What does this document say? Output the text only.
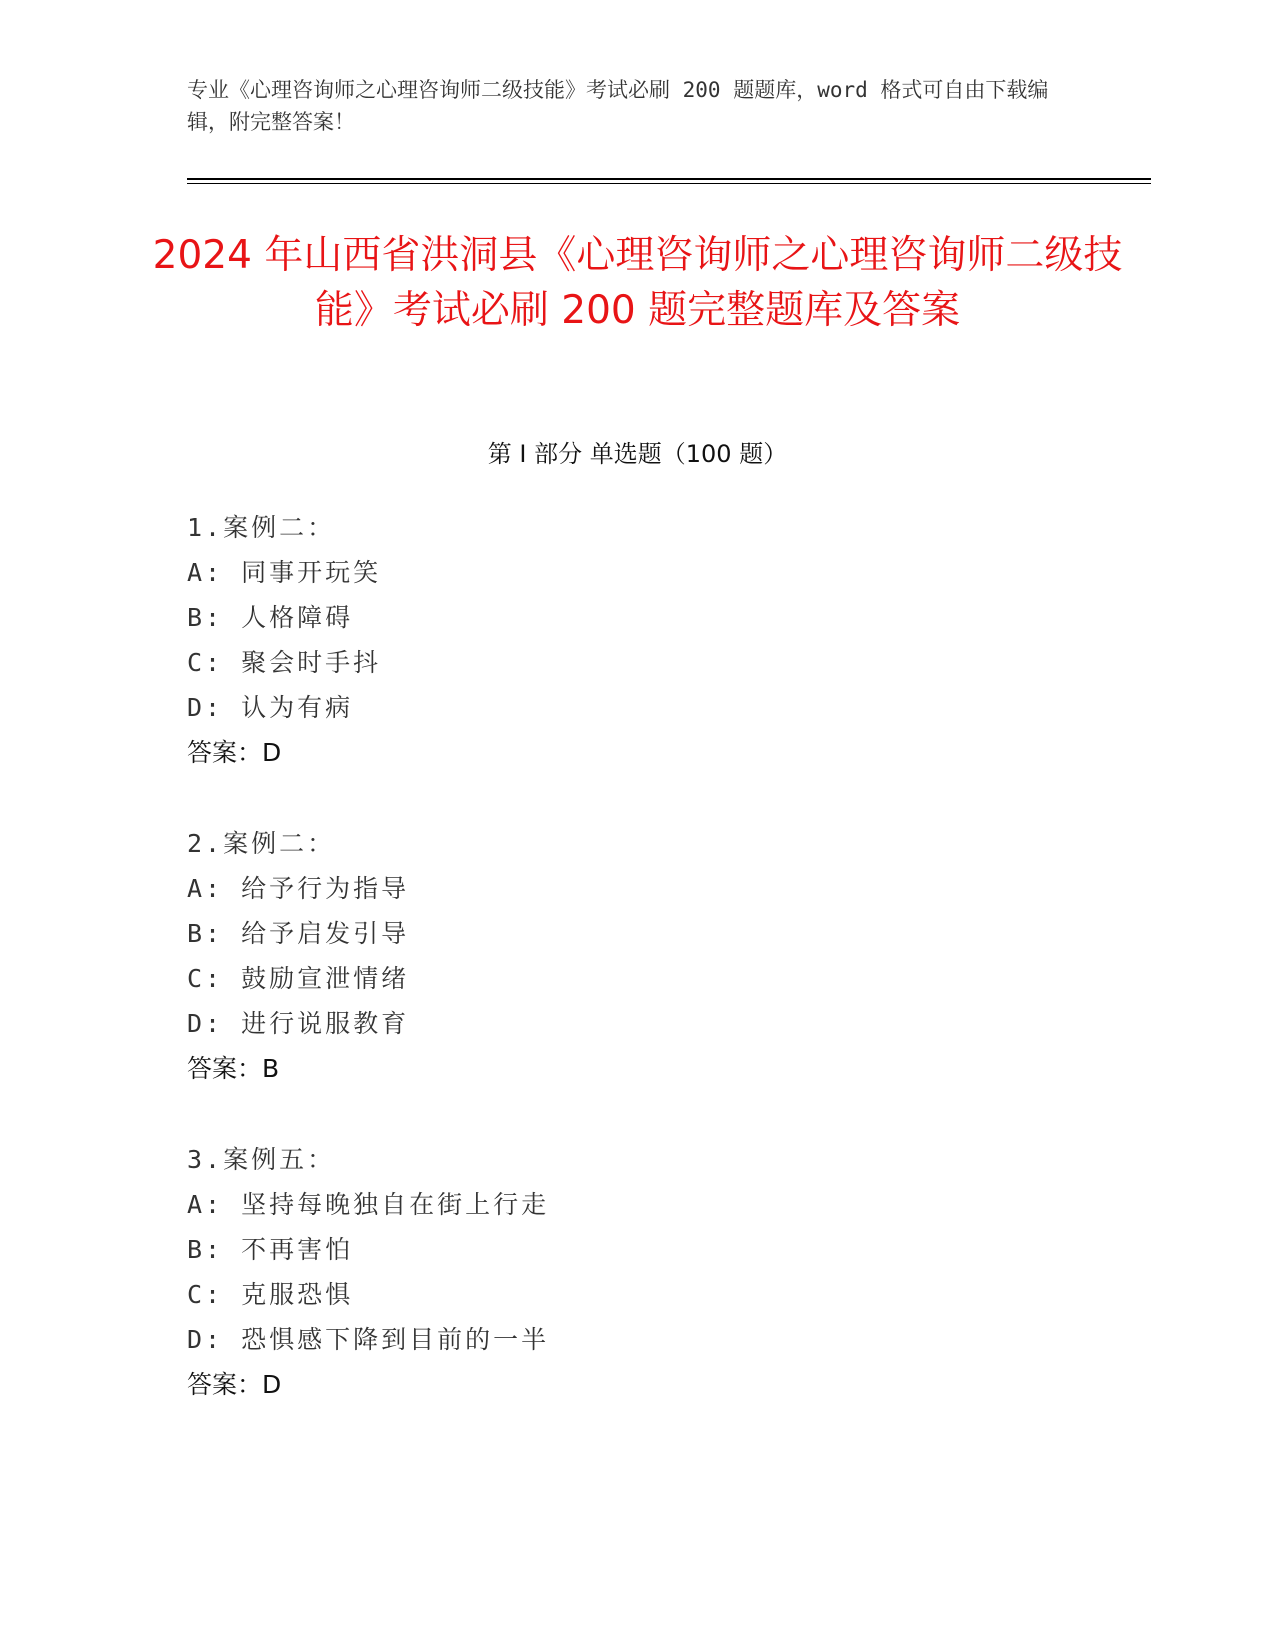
专业《心理咨询师之心理咨询师二级技能》考试必刷 200 题题库，word 格式可自由下载编辑，附完整答案！
2024 年山西省洪洞县《心理咨询师之心理咨询师二级技能》考试必刷 200 题完整题库及答案
第 I 部分 单选题（100 题）
1.案例二：
A: 同事开玩笑
B: 人格障碍
C: 聚会时手抖
D: 认为有病
答案：D
2.案例二：
A: 给予行为指导
B: 给予启发引导
C: 鼓励宣泄情绪
D: 进行说服教育
答案：B
3.案例五：
A: 坚持每晚独自在街上行走
B: 不再害怕
C: 克服恐惧
D: 恐惧感下降到目前的一半
答案：D
